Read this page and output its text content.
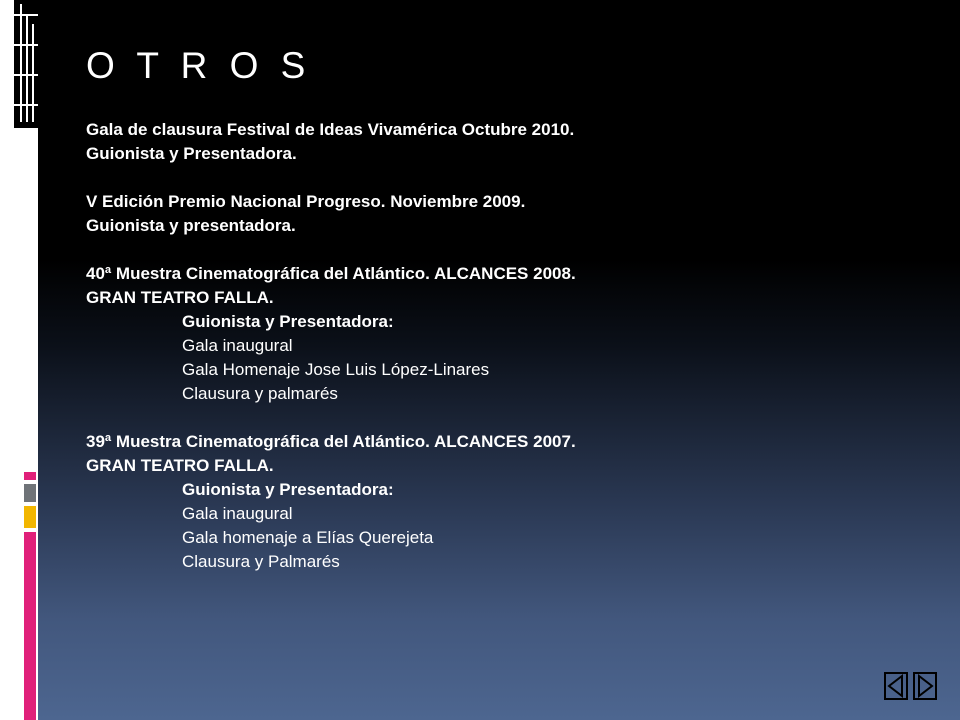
O T R O S
Gala de clausura Festival de Ideas Vivamérica Octubre 2010.
Guionista y Presentadora.
V Edición Premio Nacional Progreso. Noviembre 2009.
Guionista y presentadora.
40ª Muestra Cinematográfica del Atlántico. ALCANCES 2008.
GRAN TEATRO FALLA.
Guionista y Presentadora:
Gala inaugural
Gala Homenaje Jose Luis López-Linares
Clausura y palmarés
39ª Muestra Cinematográfica del Atlántico. ALCANCES 2007.
GRAN TEATRO FALLA.
Guionista y Presentadora:
Gala inaugural
Gala homenaje a Elías Querejeta
Clausura y Palmarés
